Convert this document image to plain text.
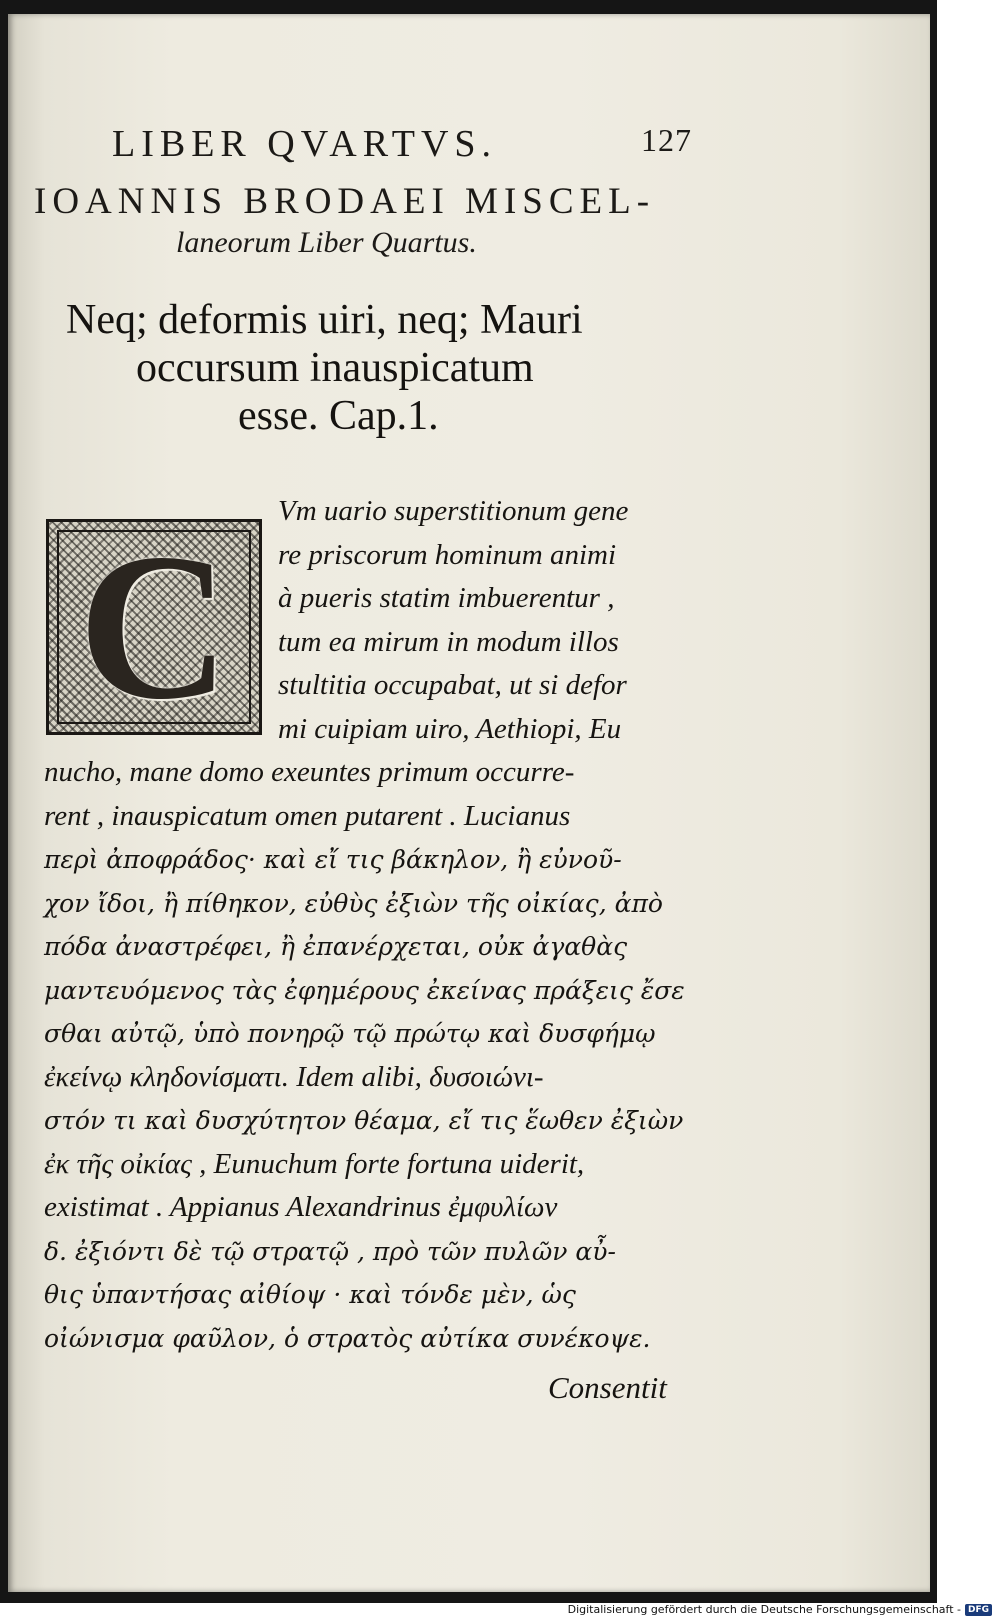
LIBER QVARTVS.	127
IOANNIS BRODAEI MISCEL-
laneorum Liber Quartus.
Neq; deformis uiri, neq; Mauri
occursum inauspicatum
esse. Cap.1.
C Vm uario superstitionum gene
re priscorum hominum animi
à pueris statim imbuerentur ,
tum ea mirum in modum illos
stultitia occupabat, ut si defor
mi cuipiam uiro, Aethiopi, Eu
nucho, mane domo exeuntes primum occurre-
rent , inauspicatum omen putarent . Lucianus
περὶ ἀποφράδος· καὶ εἴ τις βάκηλον, ἢ εὐνοῦ-
χον ἴδοι, ἢ πίθηκον, εὐθὺς ἐξιὼν τῆς οἰκίας, ἀπὸ
πόδα ἀναστρέφει, ἢ ἐπανέρχεται, οὐκ ἀγαθὰς
μαντευόμενος τὰς ἐφημέρους ἐκείνας πράξεις ἔσε
σθαι αὐτῷ, ὑπὸ πονηρῷ τῷ πρώτῳ καὶ δυσφήμῳ
ἐκείνῳ κληδονίσματι. Idem alibi, δυσοιώνι-
στόν τι καὶ δυσχύτητον θέαμα, εἴ τις ἕωθεν ἐξιὼν
ἐκ τῆς οἰκίας , Eunuchum forte fortuna uiderit,
existimat . Appianus Alexandrinus ἐμφυλίων
δ. ἐξιόντι δὲ τῷ στρατῷ , πρὸ τῶν πυλῶν αὖ-
θις ὑπαντήσας αἰθίοψ · καὶ τόνδε μὲν, ὡς
οἰώνισμα φαῦλον, ὁ στρατὸς αὐτίκα συνέκοψε.
Consentit
Digitalisierung gefördert durch die Deutsche Forschungsgemeinschaft - DFG
